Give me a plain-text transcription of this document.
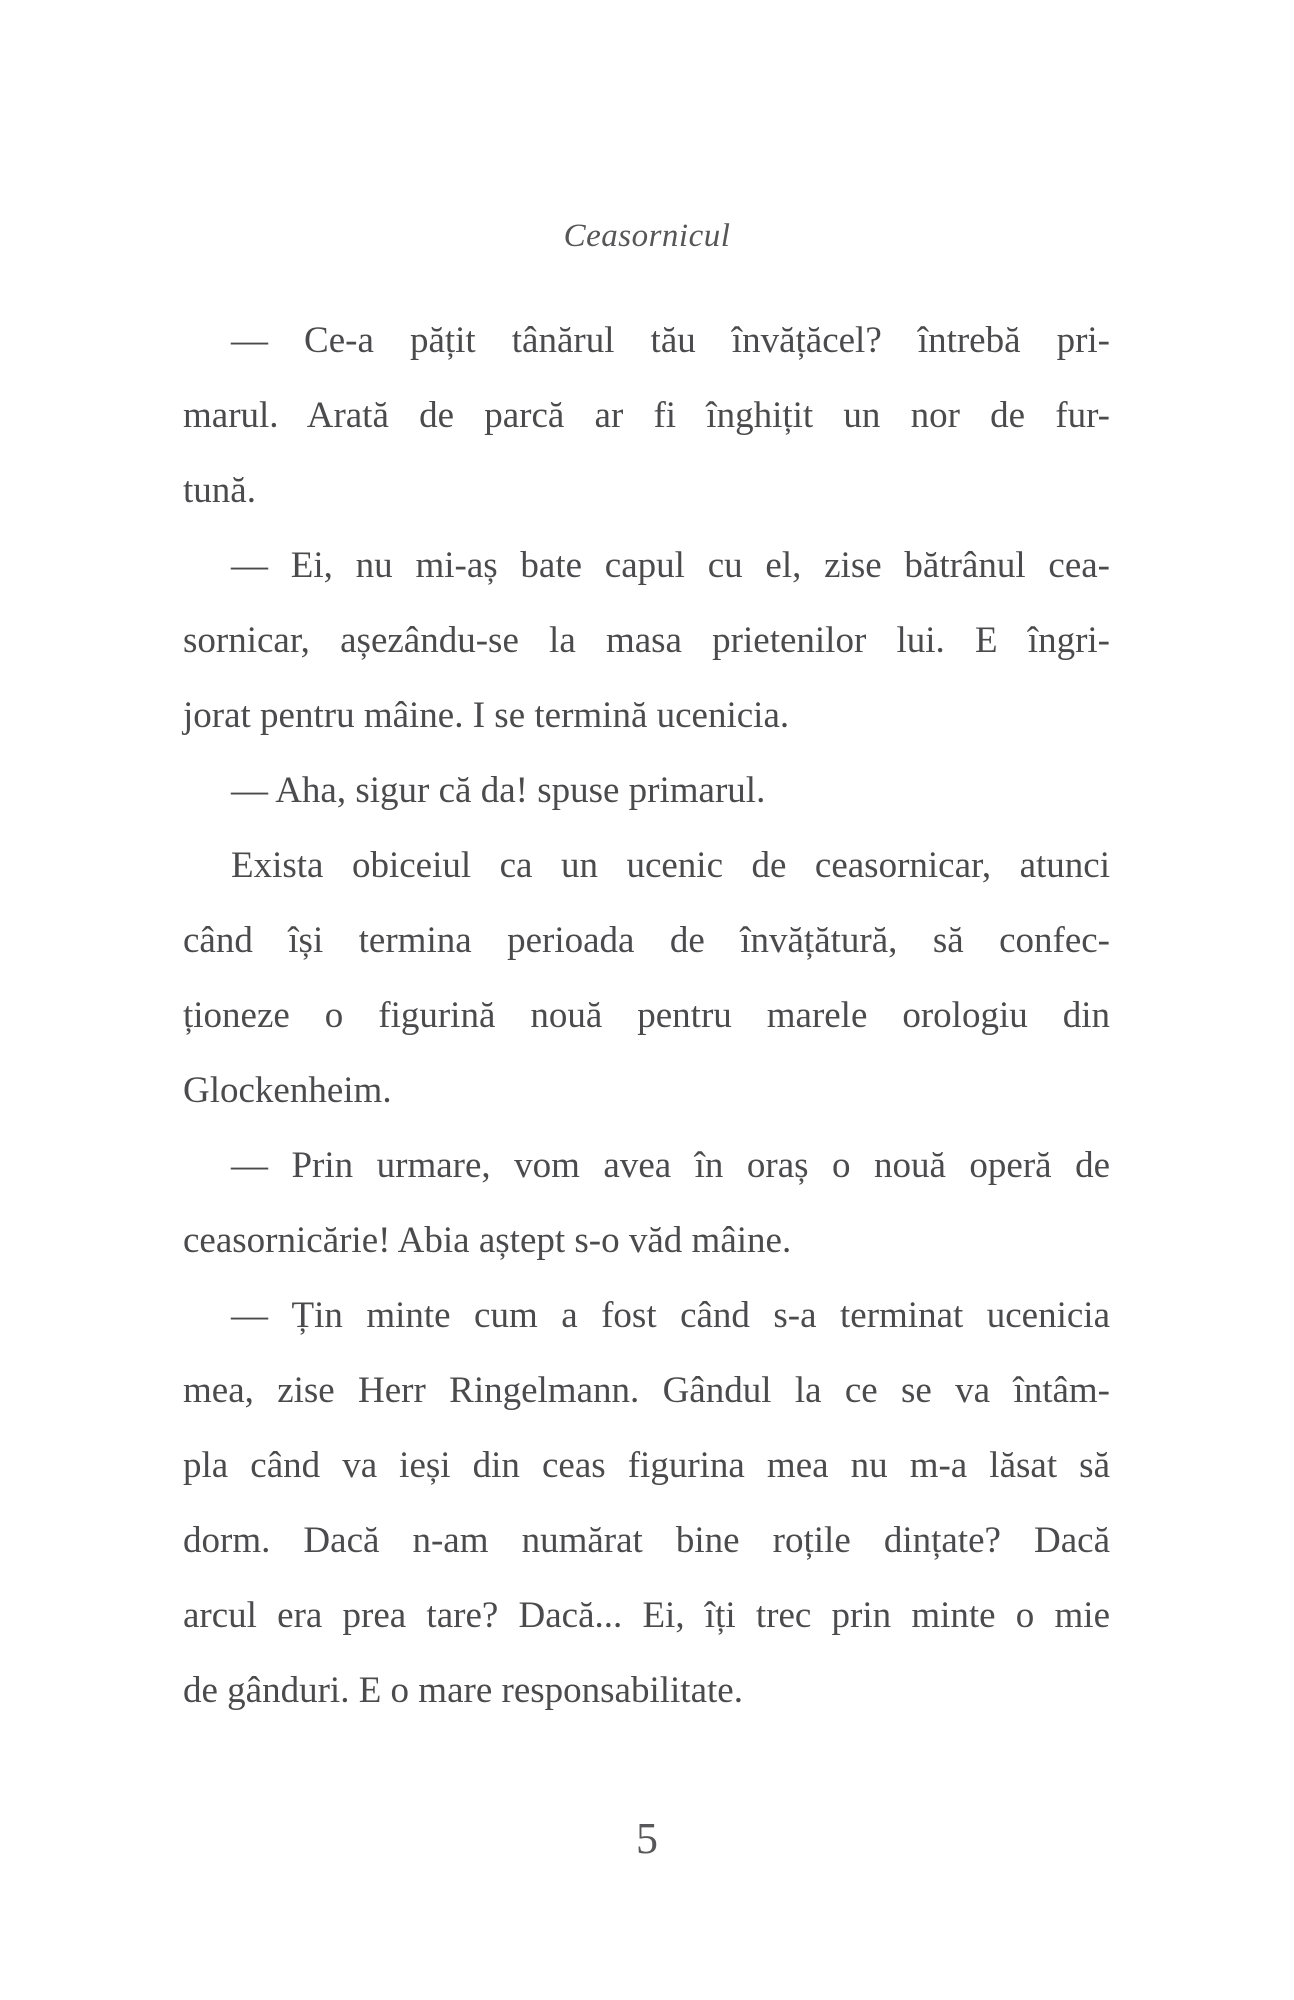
Ceasornicul
— Ce-a pățit tânărul tău învățăcel? întrebă pri-
marul. Arată de parcă ar fi înghițit un nor de fur-
tună.
— Ei, nu mi-aș bate capul cu el, zise bătrânul cea-
sornicar, așezându-se la masa prietenilor lui. E îngri-
jorat pentru mâine. I se termină ucenicia.
— Aha, sigur că da! spuse primarul.
Exista obiceiul ca un ucenic de ceasornicar, atunci
când își termina perioada de învățătură, să confec-
ționeze o figurină nouă pentru marele orologiu din
Glockenheim.
— Prin urmare, vom avea în oraș o nouă operă de
ceasornicărie! Abia aștept s-o văd mâine.
— Țin minte cum a fost când s-a terminat ucenicia
mea, zise Herr Ringelmann. Gândul la ce se va întâm-
pla când va ieși din ceas figurina mea nu m-a lăsat să
dorm. Dacă n-am numărat bine roțile dințate? Dacă
arcul era prea tare? Dacă... Ei, îți trec prin minte o mie
de gânduri. E o mare responsabilitate.
5
